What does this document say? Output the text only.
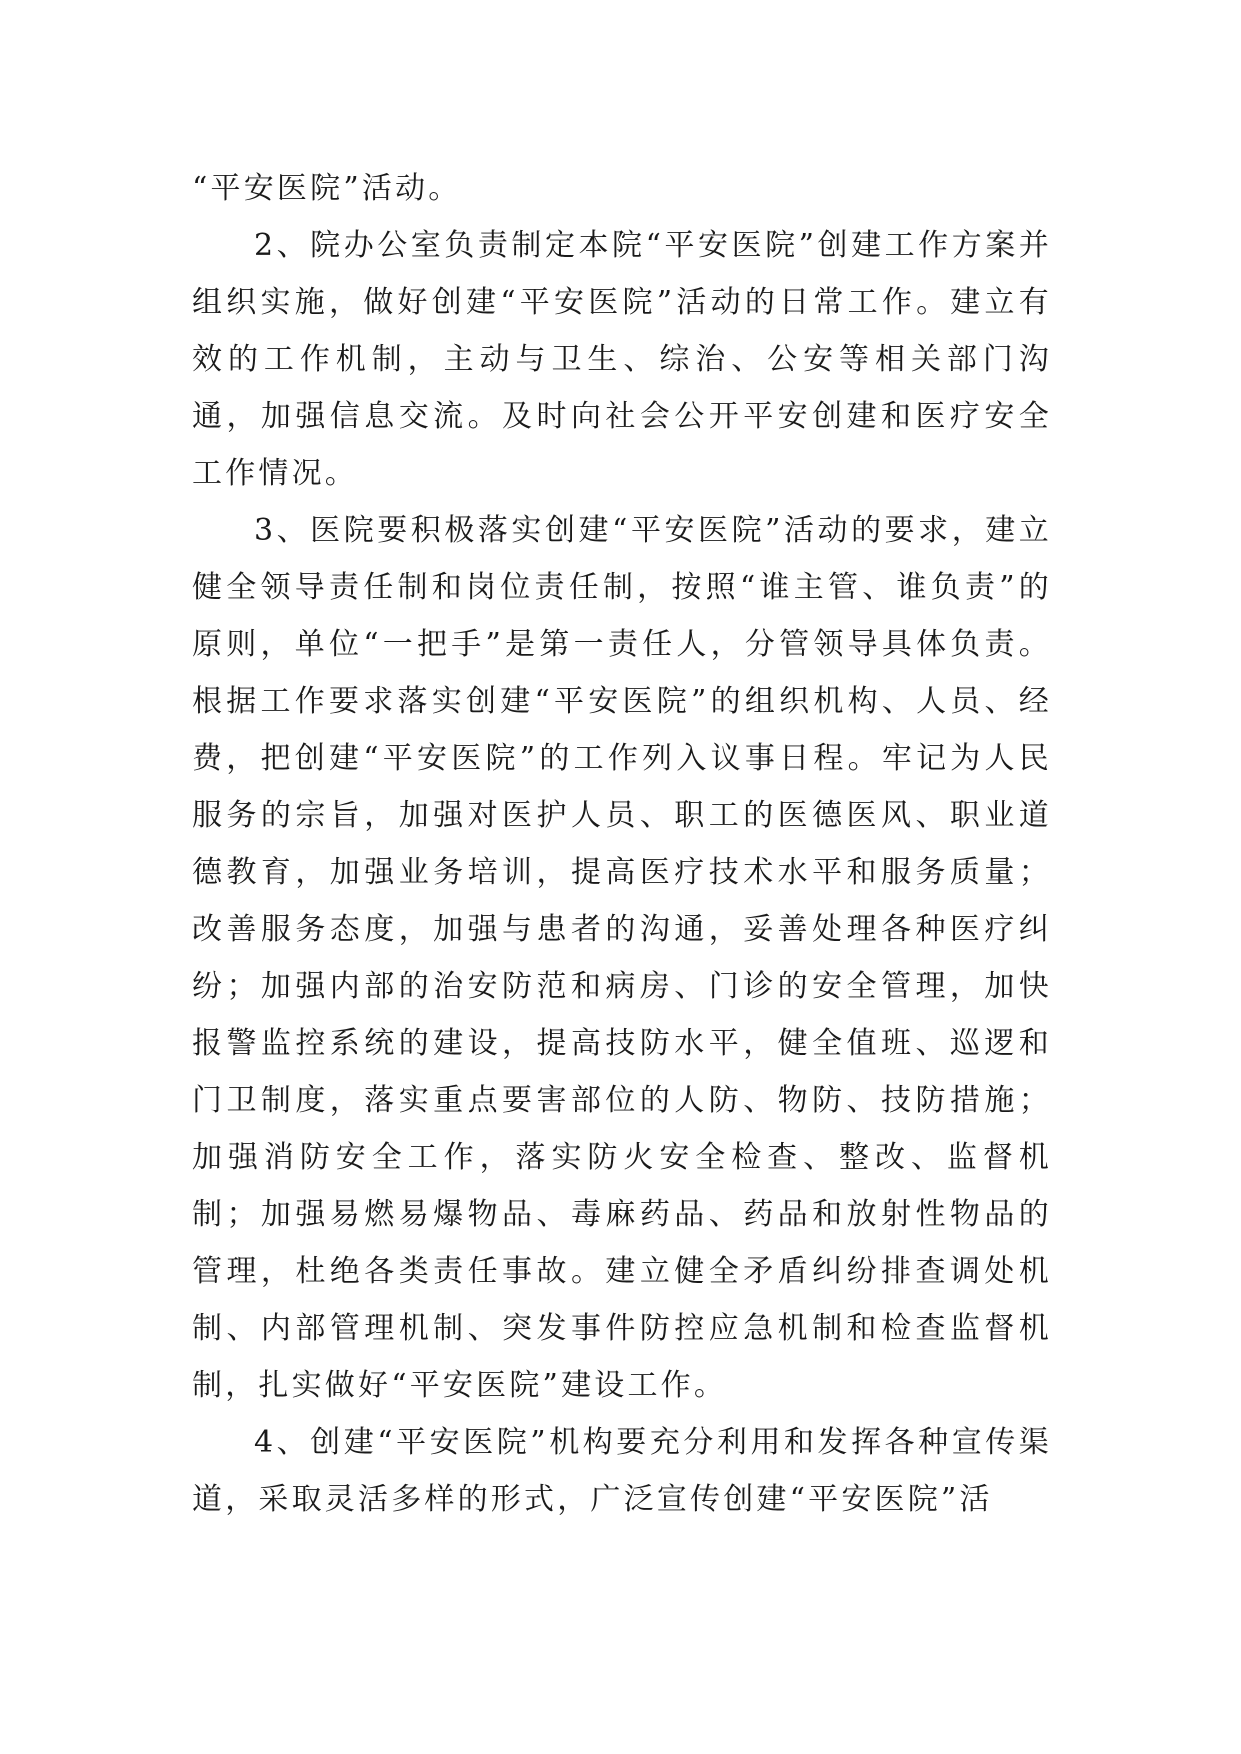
“平安医院”活动。

2、院办公室负责制定本院“平安医院”创建工作方案并组织实施，做好创建“平安医院”活动的日常工作。建立有效的工作机制，主动与卫生、综治、公安等相关部门沟通，加强信息交流。及时向社会公开平安创建和医疗安全工作情况。

3、医院要积极落实创建“平安医院”活动的要求，建立健全领导责任制和岗位责任制，按照“谁主管、谁负责”的原则，单位“一把手”是第一责任人，分管领导具体负责。根据工作要求落实创建“平安医院”的组织机构、人员、经费，把创建“平安医院”的工作列入议事日程。牢记为人民服务的宗旨，加强对医护人员、职工的医德医风、职业道德教育，加强业务培训，提高医疗技术水平和服务质量；改善服务态度，加强与患者的沟通，妥善处理各种医疗纠纷；加强内部的治安防范和病房、门诊的安全管理，加快报警监控系统的建设，提高技防水平，健全值班、巡逻和门卫制度，落实重点要害部位的人防、物防、技防措施；加强消防安全工作，落实防火安全检查、整改、监督机制；加强易燃易爆物品、毒麻药品、药品和放射性物品的管理，杜绝各类责任事故。建立健全矛盾纠纷排查调处机制、内部管理机制、突发事件防控应急机制和检查监督机制，扎实做好“平安医院”建设工作。

4、创建“平安医院”机构要充分利用和发挥各种宣传渠道，采取灵活多样的形式，广泛宣传创建“平安医院”活
